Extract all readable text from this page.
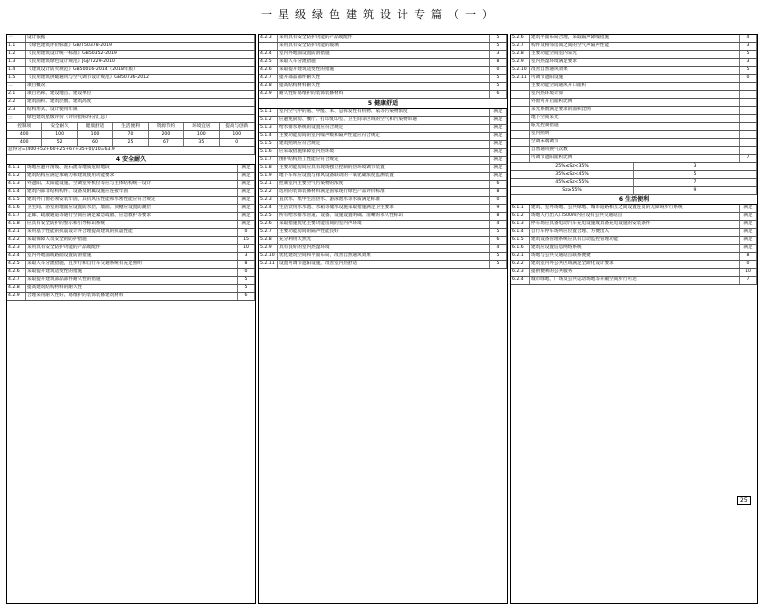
一星级绿色建筑设计专篇（一）
一	设计依据
1.1	《绿色建筑评价标准》GB/T50378-2019
1.2	《民用建筑设计统一标准》GB50352-2019
1.3	《民用建筑绿色设计规范》JGJ/T229-2010
1.4	《建筑设计防火规范》GB50016-2014（2018年版）
1.5	《民用建筑供暖通风与空气调节设计规范》GB50736-2012
二	项目概况
2.1	项目名称、建设地点、建设单位
2.2	建筑面积、建筑层数、建筑高度
2.3	结构形式、设计使用年限
三	绿色建筑星级评价（评价指标得分汇总）
控制项	安全耐久	健康舒适	生活便利	资源节约	环境宜居	提高与创新
400	100	100	70	200	100	100
400	52	60	25	67	35	0
总得分=(400+52+60+25+67+35+0)/10=63.9
4 安全耐久
4.1.1	场地应避开滑坡、泥石流等地质危险地段	满足
4.1.2	建筑结构应满足承载力和建筑使用功能要求	满足
4.1.3	外遮阳、太阳能设施、空调室外机位等应与主体结构统一设计	满足
4.1.4	建筑内部非结构构件、设备及附属设施应连接牢固	满足
4.1.5	建筑外门窗必须安装牢固，其抗风压性能和水密性能应符合规定	满足
4.1.6	卫生间、浴室的地面应设置防水层，墙面、顶棚应设置防潮层	满足
4.1.7	走廊、疏散通道等通行空间应满足紧急疏散、应急救护等要求	满足
4.1.8	应具有安全防护的警示和引导标识系统	满足
4.2.1	采用基于性能的抗震设计并合理提高建筑的抗震性能	0
4.2.2	采取保障人员安全的防护措施	15
4.2.3	采用具有安全防护功能的产品或配件	10
4.2.4	室内外地面或路面设置防滑措施	3
4.2.5	采取人车分流措施，且步行和自行车交通系统有充足照明	8
4.2.6	采取提升建筑适变性的措施	0
4.2.7	采取提升建筑部品部件耐久性的措施	5
4.2.8	提高建筑结构材料的耐久性	5
4.2.9	合理采用耐久性好、易维护的装饰装修建筑材料	6
4.2.3	采用具有安全防护功能的产品或配件	5
采用具有安全防护功能的玻璃	5
4.2.4	室内外地面设置防滑措施	3
4.2.5	采取人车分流措施	8
4.2.6	采取提升建筑适变性的措施	0
4.2.7	提升部品部件耐久性	5
4.2.8	提高结构材料耐久性	5
4.2.9	耐久性好易维护的装饰装修材料	6
5 健康舒适
5.1.1	室内空气中的氨、甲醛、苯、总挥发性有机物、氡等污染物浓度	满足
5.1.2	应避免厨房、餐厅、打印复印室、卫生间等区域的空气和污染物串通	满足
5.1.3	给水排水系统的设置应符合规定	满足
5.1.4	主要功能房间的室内噪声级和隔声性能应符合规定	满足
5.1.5	建筑照明应符合规定	满足
5.1.6	应采取措施保障室内热环境	满足
5.1.7	围护结构热工性能应符合规定	满足
5.1.8	主要功能房间应具有现场独立控制的热环境调节装置	满足
5.1.9	地下车库应设置与排风设备联动的一氧化碳浓度监测装置	满足
5.2.1	控制室内主要空气污染物的浓度	6
5.2.2	选用的装饰装修材料满足国家现行绿色产品评价标准	8
5.2.3	直饮水、集中生活热水、游泳池水等水质满足标准	0
5.2.4	生活饮用水水池、水箱等储水设施采取措施满足卫生要求	9
5.2.5	所有给水排水管道、设备、设施设置明确、清晰的永久性标识	8
5.2.6	采取措施优化主要功能房间的室内声环境	4
5.2.7	主要功能房间的隔声性能良好	5
5.2.8	充分利用天然光	6
5.2.9	具有良好的室内热湿环境	4
5.2.10 优化建筑空间和平面布局，改善自然通风效果	5
5.2.11 设置可调节遮阳设施，改善室内热舒适	5
5.2.6	建筑平面布局合理，采取隔声降噪措施	4
5.2.7	构件及相邻房间之间的空气声隔声性能	3
5.2.8	主要功能空间室内采光	5
5.2.9	室内热湿环境满足要求	3
5.2.10 改善自然通风效果	5
5.2.11 可调节遮阳设施	0
主要功能空间通风开口面积
室内热环境计算
外窗可开启面积比例
采光系数满足要求的面积比例
地下空间采光
眩光控制措施
室内照明
空调末端调节
自然通风换气次数
可调节遮阳面积比例	7
25%≤Sz<35%	3
35%≤Sz<45%	5
45%≤Sz<55%	7
Sz≥55%	9
6 生活便利
6.1.1	建筑、室外场地、公共绿地、城市道路相互之间设置连贯的无障碍步行系统	满足
6.1.2	场地人行出入口500m内应设有公共交通站点	满足
6.1.3	停车场应具备电动汽车充电设施或具备充电设施的安装条件	满足
6.1.4	自行车停车场所应位置合理、方便出入	满足
6.1.5	建筑设备管理系统应具有自动监控管理功能	满足
6.1.6	建筑应设置信息网络系统	满足
6.2.1	场地与公共交通站点联系便捷	8
6.2.2	建筑室内外公共区域满足全龄化设计要求	0
6.2.3	提供便利的公共服务	10
6.2.4	城市绿地、广场及公共运动场地等开敞空间步行可达	7
25
